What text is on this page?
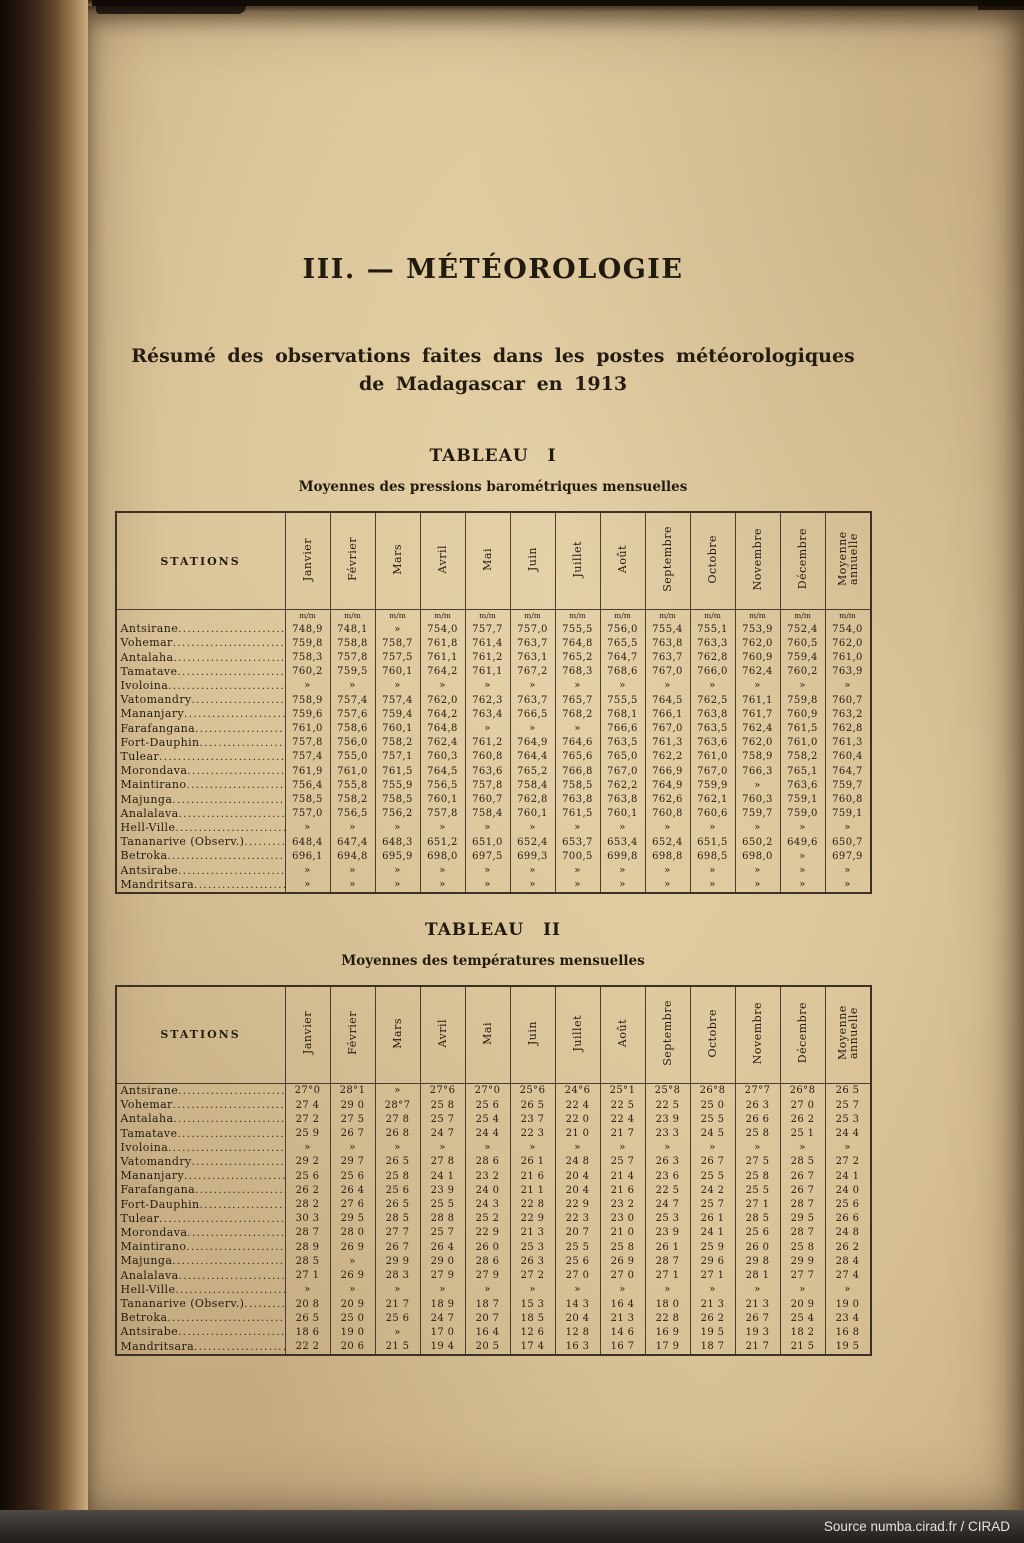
III. — MÉTÉOROLOGIE

Résumé des observations faites dans les postes météorologiques
de Madagascar en 1913

TABLEAU I

Moyennes des pressions barométriques mensuelles

STATIONS	Janvier	Février	Mars	Avril	Mai	Juin	Juillet	Août	Septembre	Octobre	Novembre	Décembre	Moyenne annuelle
	m/m	m/m	m/m	m/m	m/m	m/m	m/m	m/m	m/m	m/m	m/m	m/m	m/m
Antsirane .....	748,9	748,1	»	754,0	757,7	757,0	755,5	756,0	755,4	755,1	753,9	752,4	754,0
Vohemar .....	759,8	758,8	758,7	761,8	761,4	763,7	764,8	765,5	763,8	763,3	762,0	760,5	762,0
Antalaha .....	758,3	757,8	757,5	761,1	761,2	763,1	765,2	764,7	763,7	762,8	760,9	759,4	761,0
Tamatave .....	760,2	759,5	760,1	764,2	761,1	767,2	768,3	768,6	767,0	766,0	762,4	760,2	763,9
Ivoloina .....	»	»	»	»	»	»	»	»	»	»	»	»	»
Vatomandry .....	758,9	757,4	757,4	762,0	762,3	763,7	765,7	755,5	764,5	762,5	761,1	759,8	760,7
Mananjary .....	759,6	757,6	759,4	764,2	763,4	766,5	768,2	768,1	766,1	763,8	761,7	760,9	763,2
Farafangana .....	761,0	758,6	760,1	764,8	»	»	»	766,6	767,0	763,5	762,4	761,5	762,8
Fort-Dauphin .....	757,8	756,0	758,2	762,4	761,2	764,9	764,6	763,5	761,3	763,6	762,0	761,0	761,3
Tulear .....	757,4	755,0	757,1	760,3	760,8	764,4	765,6	765,0	762,2	761,0	758,9	758,2	760,4
Morondava .....	761,9	761,0	761,5	764,5	763,6	765,2	766,8	767,0	766,9	767,0	766,3	765,1	764,7
Maintirano .....	756,4	755,8	755,9	756,5	757,8	758,4	758,5	762,2	764,9	759,9	»	763,6	759,7
Majunga .....	758,5	758,2	758,5	760,1	760,7	762,8	763,8	763,8	762,6	762,1	760,3	759,1	760,8
Analalava .....	757,0	756,5	756,2	757,8	758,4	760,1	761,5	760,1	760,8	760,6	759,7	759,0	759,1
Hell-Ville .....	»	»	»	»	»	»	»	»	»	»	»	»	»
Tananarive (Observ.) .....	648,4	647,4	648,3	651,2	651,0	652,4	653,7	653,4	652,4	651,5	650,2	649,6	650,7
Betroka .....	696,1	694,8	695,9	698,0	697,5	699,3	700,5	699,8	698,8	698,5	698,0	»	697,9
Antsirabe .....	»	»	»	»	»	»	»	»	»	»	»	»	»
Mandritsara .....	»	»	»	»	»	»	»	»	»	»	»	»	»
TABLEAU II

Moyennes des températures mensuelles

STATIONS	Janvier	Février	Mars	Avril	Mai	Juin	Juillet	Août	Septembre	Octobre	Novembre	Décembre	Moyenne annuelle
Antsirane .....	27°0	28°1	»	27°6	27°0	25°6	24°6	25°1	25°8	26°8	27°7	26°8	26 5
Vohemar .....	27 4	29 0	28°7	25 8	25 6	26 5	22 4	22 5	22 5	25 0	26 3	27 0	25 7
Antalaha .....	27 2	27 5	27 8	25 7	25 4	23 7	22 0	22 4	23 9	25 5	26 6	26 2	25 3
Tamatave .....	25 9	26 7	26 8	24 7	24 4	22 3	21 0	21 7	23 3	24 5	25 8	25 1	24 4
Ivoloina .....	»	»	»	»	»	»	»	»	»	»	»	»	»
Vatomandry .....	29 2	29 7	26 5	27 8	28 6	26 1	24 8	25 7	26 3	26 7	27 5	28 5	27 2
Mananjary .....	25 6	25 6	25 8	24 1	23 2	21 6	20 4	21 4	23 6	25 5	25 8	26 7	24 1
Farafangana .....	26 2	26 4	25 6	23 9	24 0	21 1	20 4	21 6	22 5	24 2	25 5	26 7	24 0
Fort-Dauphin .....	28 2	27 6	26 5	25 5	24 3	22 8	22 9	23 2	24 7	25 7	27 1	28 7	25 6
Tulear .....	30 3	29 5	28 5	28 8	25 2	22 9	22 3	23 0	25 3	26 1	28 5	29 5	26 6
Morondava .....	28 7	28 0	27 7	25 7	22 9	21 3	20 7	21 0	23 9	24 1	25 6	28 7	24 8
Maintirano .....	28 9	26 9	26 7	26 4	26 0	25 3	25 5	25 8	26 1	25 9	26 0	25 8	26 2
Majunga .....	28 5	»	29 9	29 0	28 6	26 3	25 6	26 9	28 7	29 6	29 8	29 9	28 4
Analalava .....	27 1	26 9	28 3	27 9	27 9	27 2	27 0	27 0	27 1	27 1	28 1	27 7	27 4
Hell-Ville .....	»	»	»	»	»	»	»	»	»	»	»	»	»
Tananarive (Observ.) .....	20 8	20 9	21 7	18 9	18 7	15 3	14 3	16 4	18 0	21 3	21 3	20 9	19 0
Betroka .....	26 5	25 0	25 6	24 7	20 7	18 5	20 4	21 3	22 8	26 2	26 7	25 4	23 4
Antsirabe .....	18 6	19 0	»	17 0	16 4	12 6	12 8	14 6	16 9	19 5	19 3	18 2	16 8
Mandritsara .....	22 2	20 6	21 5	19 4	20 5	17 4	16 3	16 7	17 9	18 7	21 7	21 5	19 5
Source numba.cirad.fr / CIRAD
